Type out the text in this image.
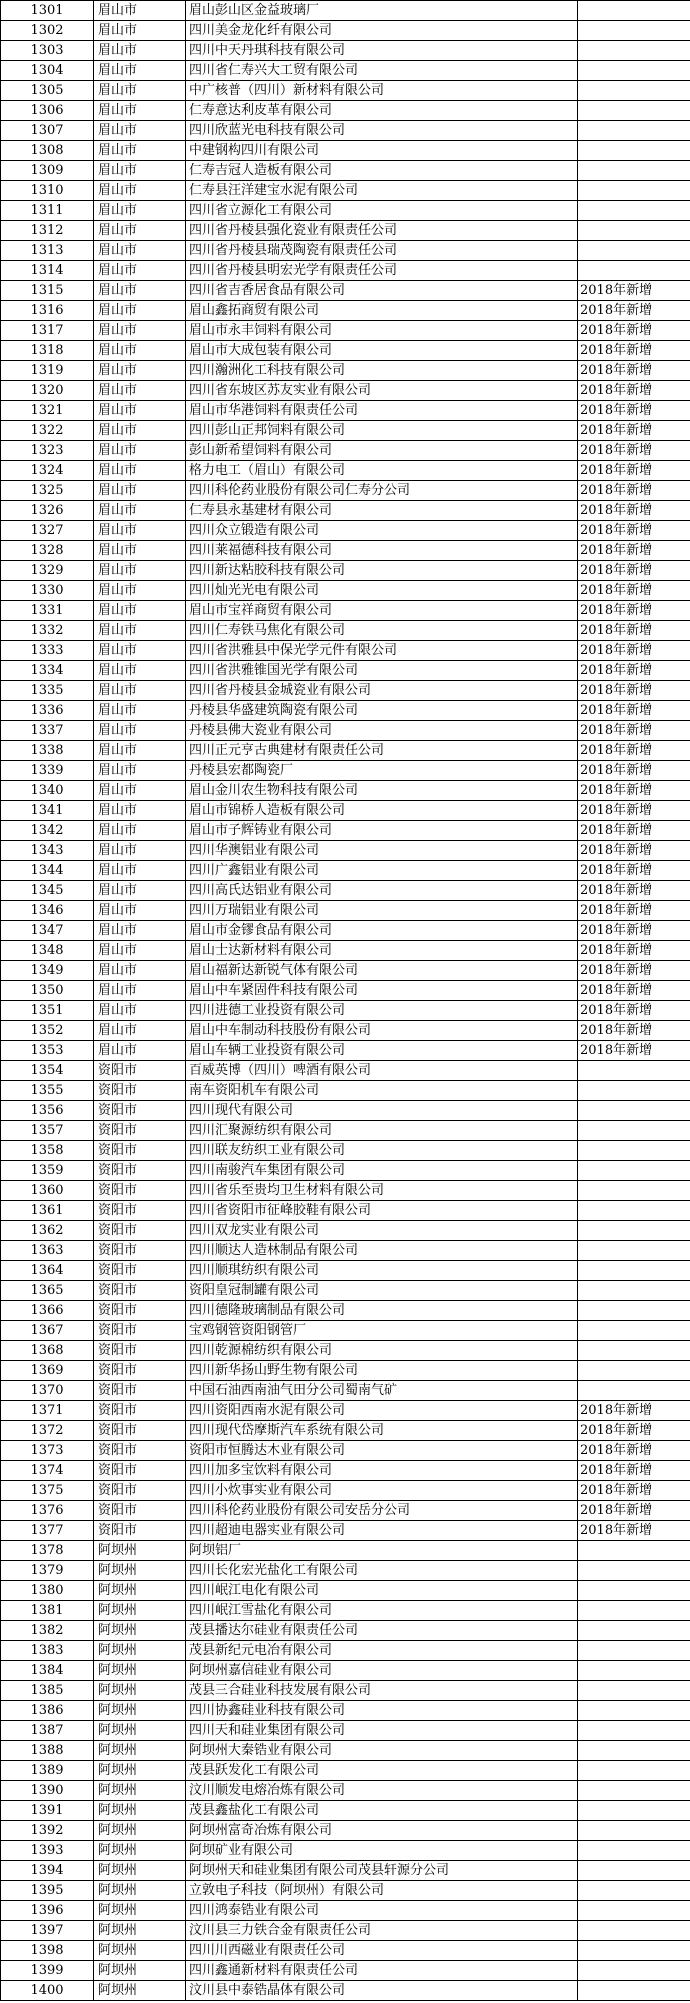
1301	眉山市	眉山彭山区金益玻璃厂	
1302	眉山市	四川美金龙化纤有限公司	
1303	眉山市	四川中天丹琪科技有限公司	
1304	眉山市	四川省仁寿兴大工贸有限公司	
1305	眉山市	中广核普（四川）新材料有限公司	
1306	眉山市	仁寿意达利皮革有限公司	
1307	眉山市	四川欣蓝光电科技有限公司	
1308	眉山市	中建钢构四川有限公司	
1309	眉山市	仁寿吉冠人造板有限公司	
1310	眉山市	仁寿县汪洋建宝水泥有限公司	
1311	眉山市	四川省立源化工有限公司	
1312	眉山市	四川省丹棱县强化瓷业有限责任公司	
1313	眉山市	四川省丹棱县瑞茂陶瓷有限责任公司	
1314	眉山市	四川省丹棱县明宏光学有限责任公司	
1315	眉山市	四川省吉香居食品有限公司	2018年新增
1316	眉山市	眉山鑫拓商贸有限公司	2018年新增
1317	眉山市	眉山市永丰饲料有限公司	2018年新增
1318	眉山市	眉山市大成包装有限公司	2018年新增
1319	眉山市	四川瀚洲化工科技有限公司	2018年新增
1320	眉山市	四川省东坡区苏友实业有限公司	2018年新增
1321	眉山市	眉山市华港饲料有限责任公司	2018年新增
1322	眉山市	四川彭山正邦饲料有限公司	2018年新增
1323	眉山市	彭山新希望饲料有限公司	2018年新增
1324	眉山市	格力电工（眉山）有限公司	2018年新增
1325	眉山市	四川科伦药业股份有限公司仁寿分公司	2018年新增
1326	眉山市	仁寿县永基建材有限公司	2018年新增
1327	眉山市	四川众立锻造有限公司	2018年新增
1328	眉山市	四川莱福德科技有限公司	2018年新增
1329	眉山市	四川新达粘胶科技有限公司	2018年新增
1330	眉山市	四川灿光光电有限公司	2018年新增
1331	眉山市	眉山市宝祥商贸有限公司	2018年新增
1332	眉山市	四川仁寿铁马焦化有限公司	2018年新增
1333	眉山市	四川省洪雅县中保光学元件有限公司	2018年新增
1334	眉山市	四川省洪雅锥国光学有限公司	2018年新增
1335	眉山市	四川省丹棱县金城瓷业有限公司	2018年新增
1336	眉山市	丹棱县华盛建筑陶瓷有限公司	2018年新增
1337	眉山市	丹棱县佛大瓷业有限公司	2018年新增
1338	眉山市	四川正元亨古典建材有限责任公司	2018年新增
1339	眉山市	丹棱县宏都陶瓷厂	2018年新增
1340	眉山市	眉山金川农生物科技有限公司	2018年新增
1341	眉山市	眉山市锦桥人造板有限公司	2018年新增
1342	眉山市	眉山市子辉铸业有限公司	2018年新增
1343	眉山市	四川华澳铝业有限公司	2018年新增
1344	眉山市	四川广鑫铝业有限公司	2018年新增
1345	眉山市	四川高氏达铝业有限公司	2018年新增
1346	眉山市	四川万瑞铝业有限公司	2018年新增
1347	眉山市	眉山市金镠食品有限公司	2018年新增
1348	眉山市	眉山士达新材料有限公司	2018年新增
1349	眉山市	眉山福新达新锐气体有限公司	2018年新增
1350	眉山市	眉山中车紧固件科技有限公司	2018年新增
1351	眉山市	四川进德工业投资有限公司	2018年新增
1352	眉山市	眉山中车制动科技股份有限公司	2018年新增
1353	眉山市	眉山车辆工业投资有限公司	2018年新增
1354	资阳市	百威英博（四川）啤酒有限公司	
1355	资阳市	南车资阳机车有限公司	
1356	资阳市	四川现代有限公司	
1357	资阳市	四川汇聚源纺织有限公司	
1358	资阳市	四川联友纺织工业有限公司	
1359	资阳市	四川南骏汽车集团有限公司	
1360	资阳市	四川省乐至贵均卫生材料有限公司	
1361	资阳市	四川省资阳市征峰胶鞋有限公司	
1362	资阳市	四川双龙实业有限公司	
1363	资阳市	四川顺达人造林制品有限公司	
1364	资阳市	四川顺琪纺织有限公司	
1365	资阳市	资阳皇冠制罐有限公司	
1366	资阳市	四川德隆玻璃制品有限公司	
1367	资阳市	宝鸡钢管资阳钢管厂	
1368	资阳市	四川乾源棉纺织有限公司	
1369	资阳市	四川新华扬山野生物有限公司	
1370	资阳市	中国石油西南油气田分公司蜀南气矿	
1371	资阳市	四川资阳西南水泥有限公司	2018年新增
1372	资阳市	四川现代岱摩斯汽车系统有限公司	2018年新增
1373	资阳市	资阳市恒腾达木业有限公司	2018年新增
1374	资阳市	四川加多宝饮料有限公司	2018年新增
1375	资阳市	四川小炊事实业有限公司	2018年新增
1376	资阳市	四川科伦药业股份有限公司安岳分公司	2018年新增
1377	资阳市	四川超迪电器实业有限公司	2018年新增
1378	阿坝州	阿坝铝厂	
1379	阿坝州	四川长化宏光盐化工有限公司	
1380	阿坝州	四川岷江电化有限公司	
1381	阿坝州	四川岷江雪盐化有限公司	
1382	阿坝州	茂县播达尔硅业有限责任公司	
1383	阿坝州	茂县新纪元电冶有限公司	
1384	阿坝州	阿坝州嘉信硅业有限公司	
1385	阿坝州	茂县三合硅业科技发展有限公司	
1386	阿坝州	四川协鑫硅业科技有限公司	
1387	阿坝州	四川天和硅业集团有限公司	
1388	阿坝州	阿坝州大秦锆业有限公司	
1389	阿坝州	茂县跃发化工有限公司	
1390	阿坝州	汶川顺发电熔冶炼有限公司	
1391	阿坝州	茂县鑫盐化工有限公司	
1392	阿坝州	阿坝州富奇冶炼有限公司	
1393	阿坝州	阿坝矿业有限公司	
1394	阿坝州	阿坝州天和硅业集团有限公司茂县轩源分公司	
1395	阿坝州	立敦电子科技（阿坝州）有限公司	
1396	阿坝州	四川鸿泰锆业有限公司	
1397	阿坝州	汶川县三力铁合金有限责任公司	
1398	阿坝州	四川川西磁业有限责任公司	
1399	阿坝州	四川鑫通新材料有限责任公司	
1400	阿坝州	汶川县中泰锆晶体有限公司	
